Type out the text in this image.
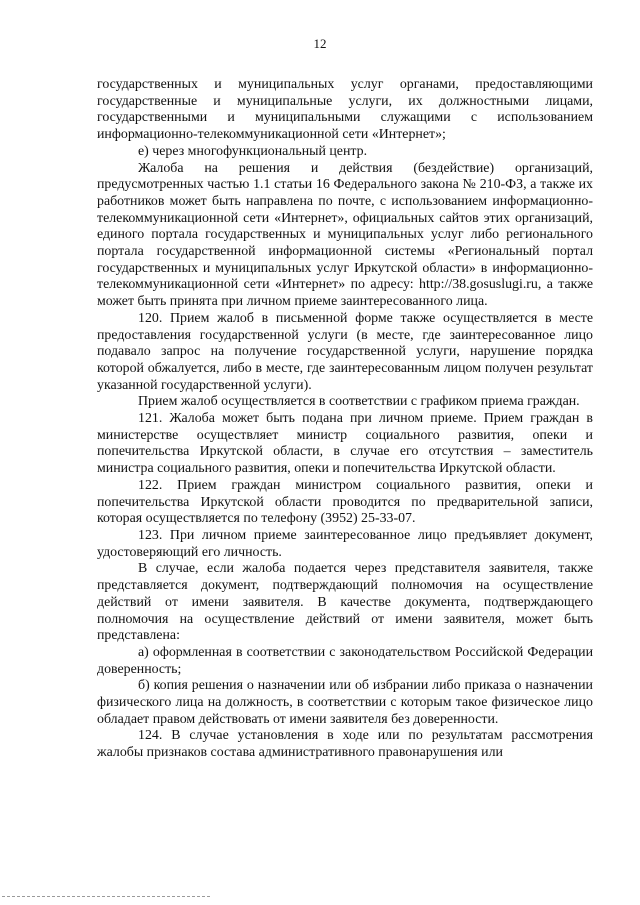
12

государственных и муниципальных услуг органами, предоставляющими государственные и муниципальные услуги, их должностными лицами, государственными и муниципальными служащими с использованием информационно-телекоммуникационной сети «Интернет»;

е) через многофункциональный центр.

Жалоба на решения и действия (бездействие) организаций, предусмотренных частью 1.1 статьи 16 Федерального закона № 210-ФЗ, а также их работников может быть направлена по почте, с использованием информационно-телекоммуникационной сети «Интернет», официальных сайтов этих организаций, единого портала государственных и муниципальных услуг либо регионального портала государственной информационной системы «Региональный портал государственных и муниципальных услуг Иркутской области» в информационно-телекоммуникационной сети «Интернет» по адресу: http://38.gosuslugi.ru, а также может быть принята при личном приеме заинтересованного лица.

120. Прием жалоб в письменной форме также осуществляется в месте предоставления государственной услуги (в месте, где заинтересованное лицо подавало запрос на получение государственной услуги, нарушение порядка которой обжалуется, либо в месте, где заинтересованным лицом получен результат указанной государственной услуги).

Прием жалоб осуществляется в соответствии с графиком приема граждан.

121. Жалоба может быть подана при личном приеме. Прием граждан в министерстве осуществляет министр социального развития, опеки и попечительства Иркутской области, в случае его отсутствия – заместитель министра социального развития, опеки и попечительства Иркутской области.

122. Прием граждан министром социального развития, опеки и попечительства Иркутской области проводится по предварительной записи, которая осуществляется по телефону (3952) 25-33-07.

123. При личном приеме заинтересованное лицо предъявляет документ, удостоверяющий его личность.

В случае, если жалоба подается через представителя заявителя, также представляется документ, подтверждающий полномочия на осуществление действий от имени заявителя. В качестве документа, подтверждающего полномочия на осуществление действий от имени заявителя, может быть представлена:

а) оформленная в соответствии с законодательством Российской Федерации доверенность;

б) копия решения о назначении или об избрании либо приказа о назначении физического лица на должность, в соответствии с которым такое физическое лицо обладает правом действовать от имени заявителя без доверенности.

124. В случае установления в ходе или по результатам рассмотрения жалобы признаков состава административного правонарушения или
